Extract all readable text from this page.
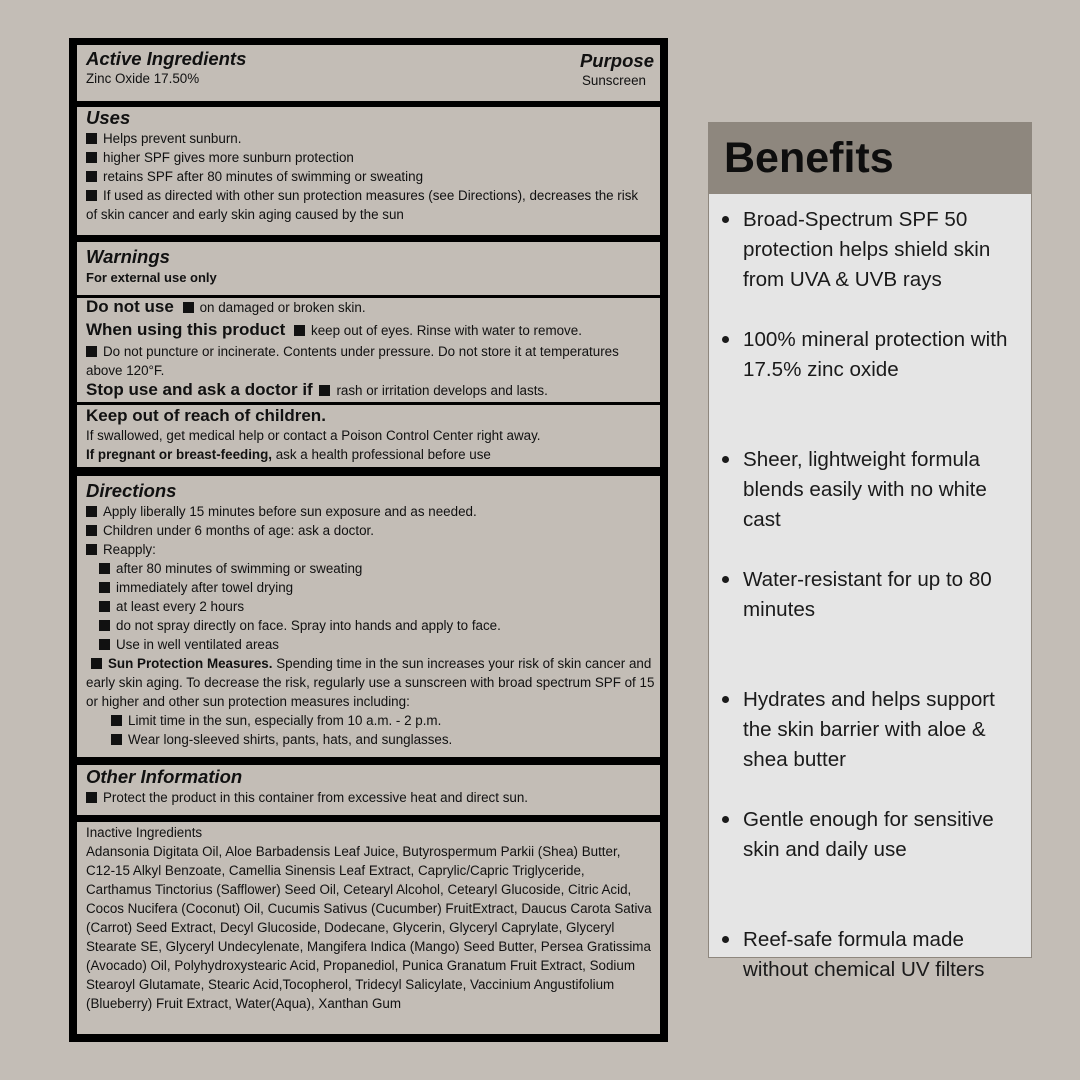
Active Ingredients
Zinc Oxide 17.50%
Purpose
Sunscreen
Uses
Helps prevent sunburn.
higher SPF gives more sunburn protection
retains SPF after 80 minutes of swimming or sweating
If used as directed with other sun protection measures (see Directions), decreases the risk of skin cancer and early skin aging caused by the sun
Warnings
For external use only
Do not use on damaged or broken skin.
When using this product keep out of eyes. Rinse with water to remove.
Do not puncture or incinerate. Contents under pressure. Do not store it at temperatures above 120°F.
Stop use and ask a doctor if rash or irritation develops and lasts.
Keep out of reach of children.
If swallowed, get medical help or contact a Poison Control Center right away.
If pregnant or breast-feeding, ask a health professional before use
Directions
Apply liberally 15 minutes before sun exposure and as needed.
Children under 6 months of age: ask a doctor.
Reapply:
after 80 minutes of swimming or sweating
immediately after towel drying
at least every 2 hours
do not spray directly on face. Spray into hands and apply to face.
Use in well ventilated areas
Sun Protection Measures. Spending time in the sun increases your risk of skin cancer and early skin aging. To decrease the risk, regularly use a sunscreen with broad spectrum SPF of 15 or higher and other sun protection measures including:
Limit time in the sun, especially from 10 a.m. - 2 p.m.
Wear long-sleeved shirts, pants, hats, and sunglasses.
Other Information
Protect the product in this container from excessive heat and direct sun.
Inactive Ingredients
Adansonia Digitata Oil, Aloe Barbadensis Leaf Juice, Butyrospermum Parkii (Shea) Butter, C12-15 Alkyl Benzoate, Camellia Sinensis Leaf Extract, Caprylic/Capric Triglyceride, Carthamus Tinctorius (Safflower) Seed Oil, Cetearyl Alcohol, Cetearyl Glucoside, Citric Acid, Cocos Nucifera (Coconut) Oil, Cucumis Sativus (Cucumber) FruitExtract, Daucus Carota Sativa (Carrot) Seed Extract, Decyl Glucoside, Dodecane, Glycerin, Glyceryl Caprylate, Glyceryl Stearate SE, Glyceryl Undecylenate, Mangifera Indica (Mango) Seed Butter, Persea Gratissima (Avocado) Oil, Polyhydroxystearic Acid, Propanediol, Punica Granatum Fruit Extract, Sodium Stearoyl Glutamate, Stearic Acid,Tocopherol, Tridecyl Salicylate, Vaccinium Angustifolium (Blueberry) Fruit Extract, Water(Aqua), Xanthan Gum
Benefits
Broad-Spectrum SPF 50 protection helps shield skin from UVA & UVB rays
100% mineral protection with 17.5% zinc oxide
Sheer, lightweight formula blends easily with no white cast
Water-resistant for up to 80 minutes
Hydrates and helps support the skin barrier with aloe & shea butter
Gentle enough for sensitive skin and daily use
Reef-safe formula made without chemical UV filters
